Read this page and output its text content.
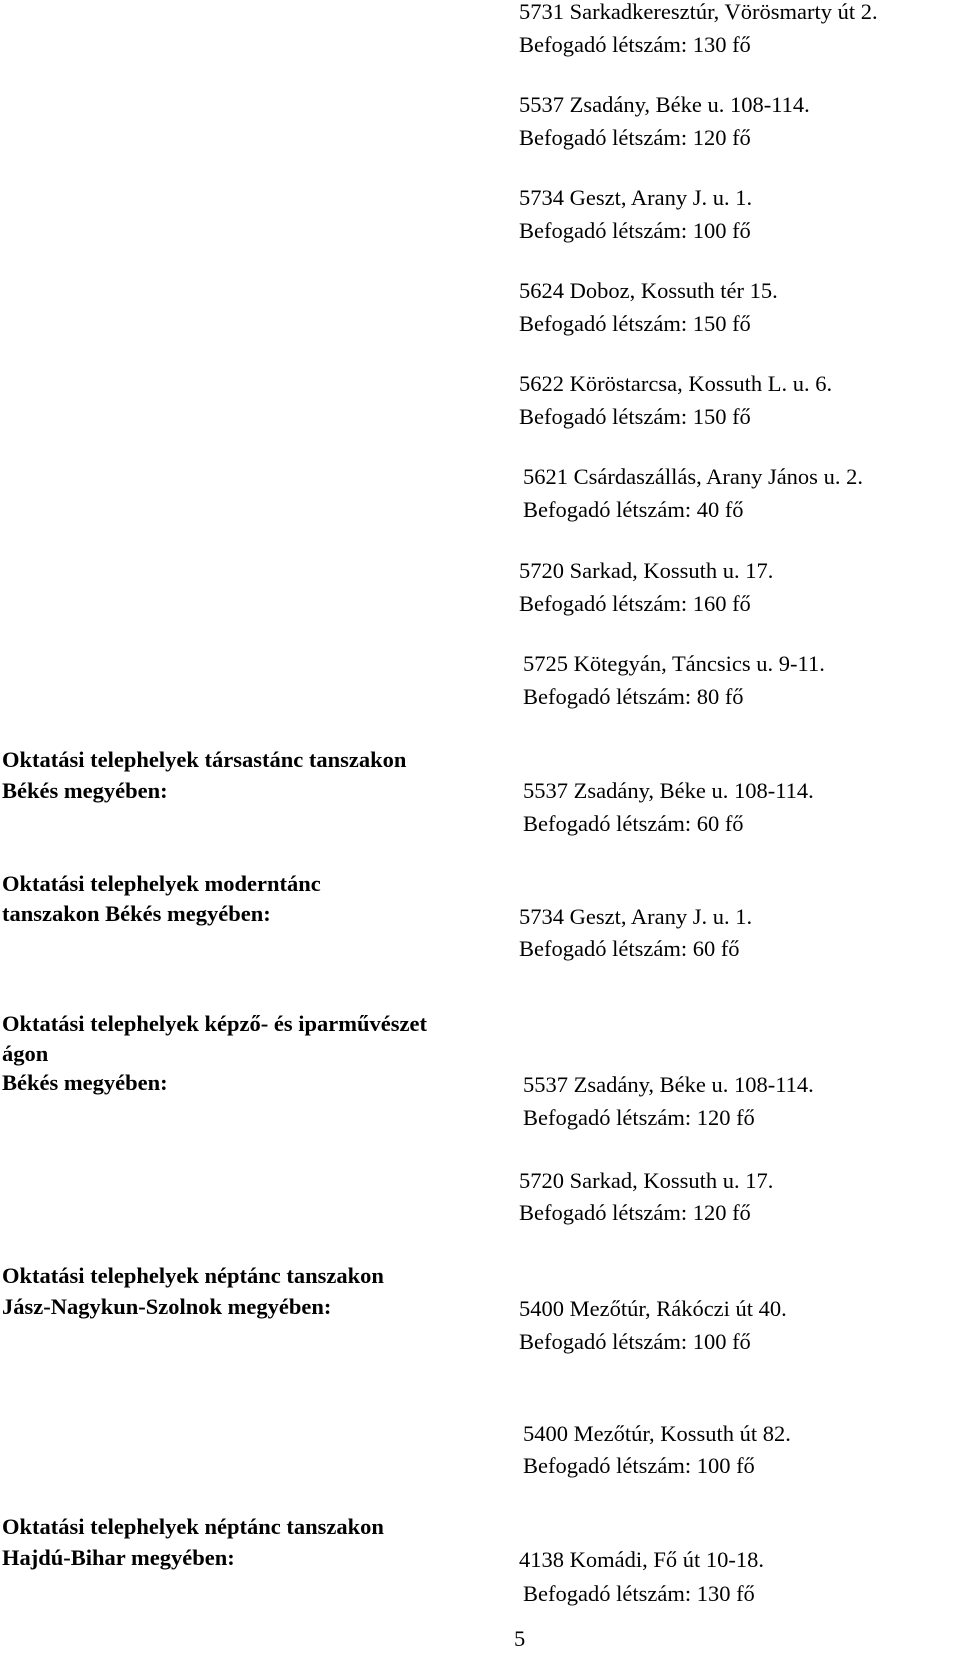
5731 Sarkadkeresztúr, Vörösmarty út 2.
Befogadó létszám: 130 fő
5537 Zsadány, Béke u. 108-114.
Befogadó létszám: 120 fő
5734 Geszt, Arany J. u. 1.
Befogadó létszám: 100 fő
5624 Doboz, Kossuth tér 15.
Befogadó létszám: 150 fő
5622 Köröstarcsa, Kossuth L. u. 6.
Befogadó létszám: 150 fő
5621 Csárdaszállás, Arany János u. 2.
Befogadó létszám: 40 fő
5720 Sarkad, Kossuth u. 17.
Befogadó létszám: 160 fő
5725 Kötegyán, Táncsics u. 9-11.
Befogadó létszám: 80 fő
Oktatási telephelyek társastánc tanszakon
Békés megyében:	5537 Zsadány, Béke u. 108-114.
Befogadó létszám: 60 fő
Oktatási telephelyek moderntánc
tanszakon Békés megyében:	5734 Geszt, Arany J. u. 1.
Befogadó létszám: 60 fő
Oktatási telephelyek képző- és iparművészet
ágon
Békés megyében:	5537 Zsadány, Béke u. 108-114.
Befogadó létszám: 120 fő
5720 Sarkad, Kossuth u. 17.
Befogadó létszám: 120 fő
Oktatási telephelyek néptánc tanszakon
Jász-Nagykun-Szolnok megyében:	5400 Mezőtúr, Rákóczi út 40.
Befogadó létszám: 100 fő
5400 Mezőtúr, Kossuth út 82.
Befogadó létszám: 100 fő
Oktatási telephelyek néptánc tanszakon
Hajdú-Bihar megyében:	4138 Komádi, Fő út 10-18.
Befogadó létszám: 130 fő
5
